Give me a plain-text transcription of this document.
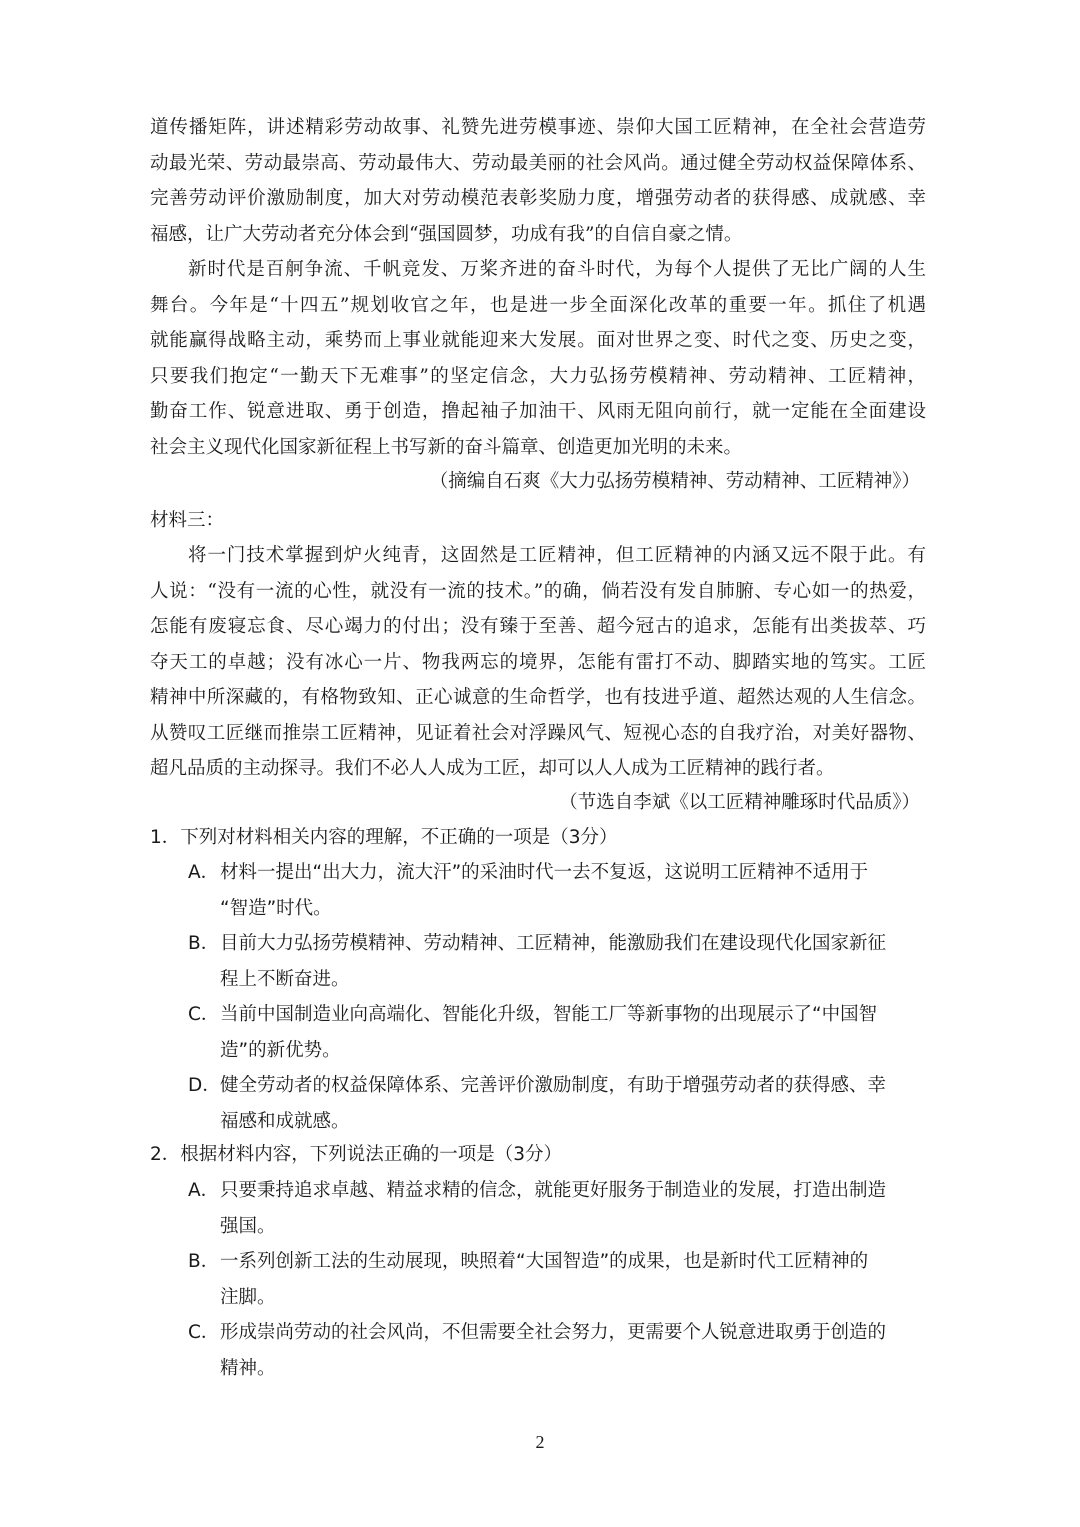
道传播矩阵，讲述精彩劳动故事、礼赞先进劳模事迹、崇仰大国工匠精神，在全社会营造劳
动最光荣、劳动最崇高、劳动最伟大、劳动最美丽的社会风尚。通过健全劳动权益保障体系、
完善劳动评价激励制度，加大对劳动模范表彰奖励力度，增强劳动者的获得感、成就感、幸
福感，让广大劳动者充分体会到“强国圆梦，功成有我”的自信自豪之情。
新时代是百舸争流、千帆竞发、万桨齐进的奋斗时代，为每个人提供了无比广阔的人生
舞台。今年是“十四五”规划收官之年，也是进一步全面深化改革的重要一年。抓住了机遇
就能赢得战略主动，乘势而上事业就能迎来大发展。面对世界之变、时代之变、历史之变，
只要我们抱定“一勤天下无难事”的坚定信念，大力弘扬劳模精神、劳动精神、工匠精神，
勤奋工作、锐意进取、勇于创造，撸起袖子加油干、风雨无阻向前行，就一定能在全面建设
社会主义现代化国家新征程上书写新的奋斗篇章、创造更加光明的未来。
（摘编自石爽《大力弘扬劳模精神、劳动精神、工匠精神》）
材料三：
将一门技术掌握到炉火纯青，这固然是工匠精神，但工匠精神的内涵又远不限于此。有
人说：“没有一流的心性，就没有一流的技术。”的确，倘若没有发自肺腑、专心如一的热爱，
怎能有废寝忘食、尽心竭力的付出；没有臻于至善、超今冠古的追求，怎能有出类拔萃、巧
夺天工的卓越；没有冰心一片、物我两忘的境界，怎能有雷打不动、脚踏实地的笃实。工匠
精神中所深藏的，有格物致知、正心诚意的生命哲学，也有技进乎道、超然达观的人生信念。
从赞叹工匠继而推崇工匠精神，见证着社会对浮躁风气、短视心态的自我疗治，对美好器物、
超凡品质的主动探寻。我们不必人人成为工匠，却可以人人成为工匠精神的践行者。
（节选自李斌《以工匠精神雕琢时代品质》）
1．下列对材料相关内容的理解，不正确的一项是（3分）
A．材料一提出“出大力，流大汗”的采油时代一去不复返，这说明工匠精神不适用于
“智造”时代。
B．目前大力弘扬劳模精神、劳动精神、工匠精神，能激励我们在建设现代化国家新征
程上不断奋进。
C．当前中国制造业向高端化、智能化升级，智能工厂等新事物的出现展示了“中国智
造”的新优势。
D．健全劳动者的权益保障体系、完善评价激励制度，有助于增强劳动者的获得感、幸
福感和成就感。
2．根据材料内容，下列说法正确的一项是（3分）
A．只要秉持追求卓越、精益求精的信念，就能更好服务于制造业的发展，打造出制造
强国。
B．一系列创新工法的生动展现，映照着“大国智造”的成果，也是新时代工匠精神的
注脚。
C．形成崇尚劳动的社会风尚，不但需要全社会努力，更需要个人锐意进取勇于创造的
精神。
2
